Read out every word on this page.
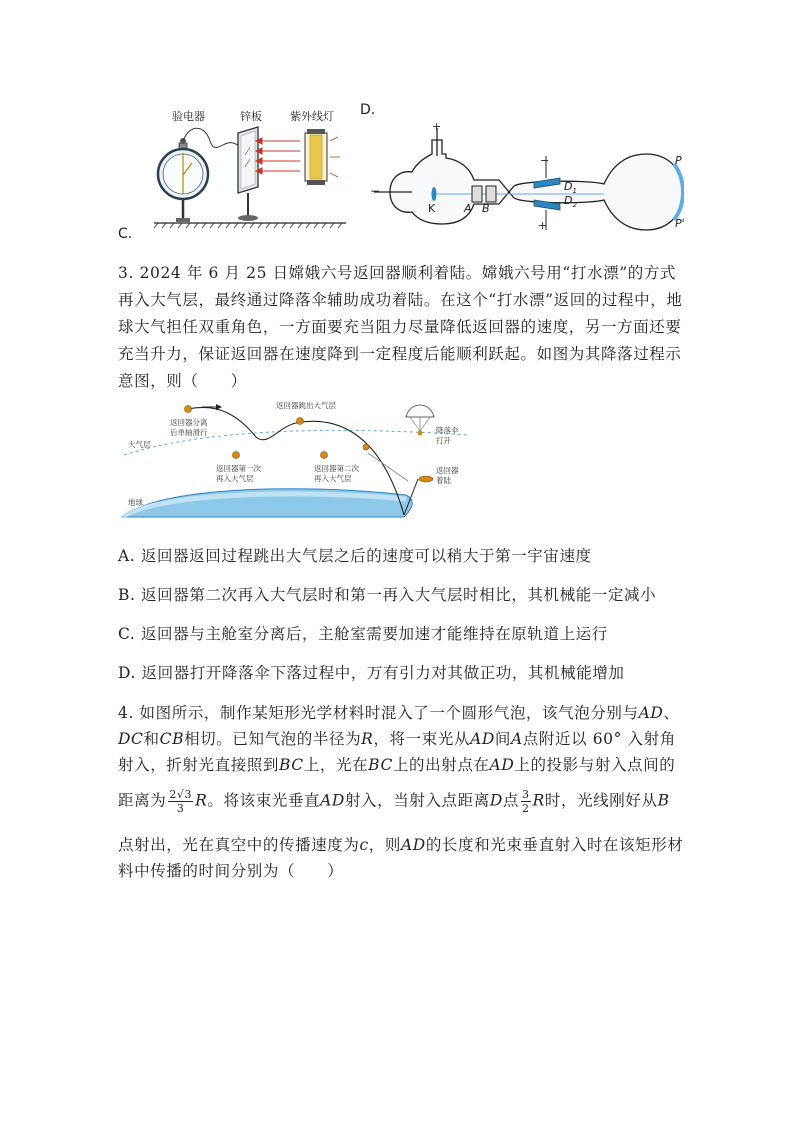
C.
验电器	锌板	紫外线灯 D.
+
−
K	A B
−
+
$D_1$
$D_2$
P
P'
3. 2024 年 6 月 25 日嫦娥六号返回器顺利着陆。嫦娥六号用“打水漂”的方式再入大气层，最终通过降落伞辅助成功着陆。在这个“打水漂”返回的过程中，地球大气担任双重角色，一方面要充当阻力尽量降低返回器的速度，另一方面还要充当升力，保证返回器在速度降到一定程度后能顺利跃起。如图为其降落过程示意图，则（　　）
返回器分离
后单轴滑行
返回器跳出大气层
返回器第一次
再入大气层
返回器第二次
再入大气层
降落伞
打开
返回器
着陆
大气层
地球
A. 返回器返回过程跳出大气层之后的速度可以稍大于第一宇宙速度
B. 返回器第二次再入大气层时和第一再入大气层时相比，其机械能一定减小
C. 返回器与主舱室分离后，主舱室需要加速才能维持在原轨道上运行
D. 返回器打开降落伞下落过程中，万有引力对其做正功，其机械能增加
4. 如图所示，制作某矩形光学材料时混入了一个圆形气泡，该气泡分别与AD、
DC和CB相切。已知气泡的半径为R，将一束光从AD间A点附近以 60° 入射角
射入，折射光直接照到BC上，光在BC上的出射点在AD上的投影与射入点间的
距离为 $\frac{2√3}{3}$ R。将该束光垂直AD射入，当射入点距离D点 $\frac{3}{2}$ R时，光线刚好从B
点射出，光在真空中的传播速度为c，则AD的长度和光束垂直射入时在该矩形材
料中传播的时间分别为（　　）
